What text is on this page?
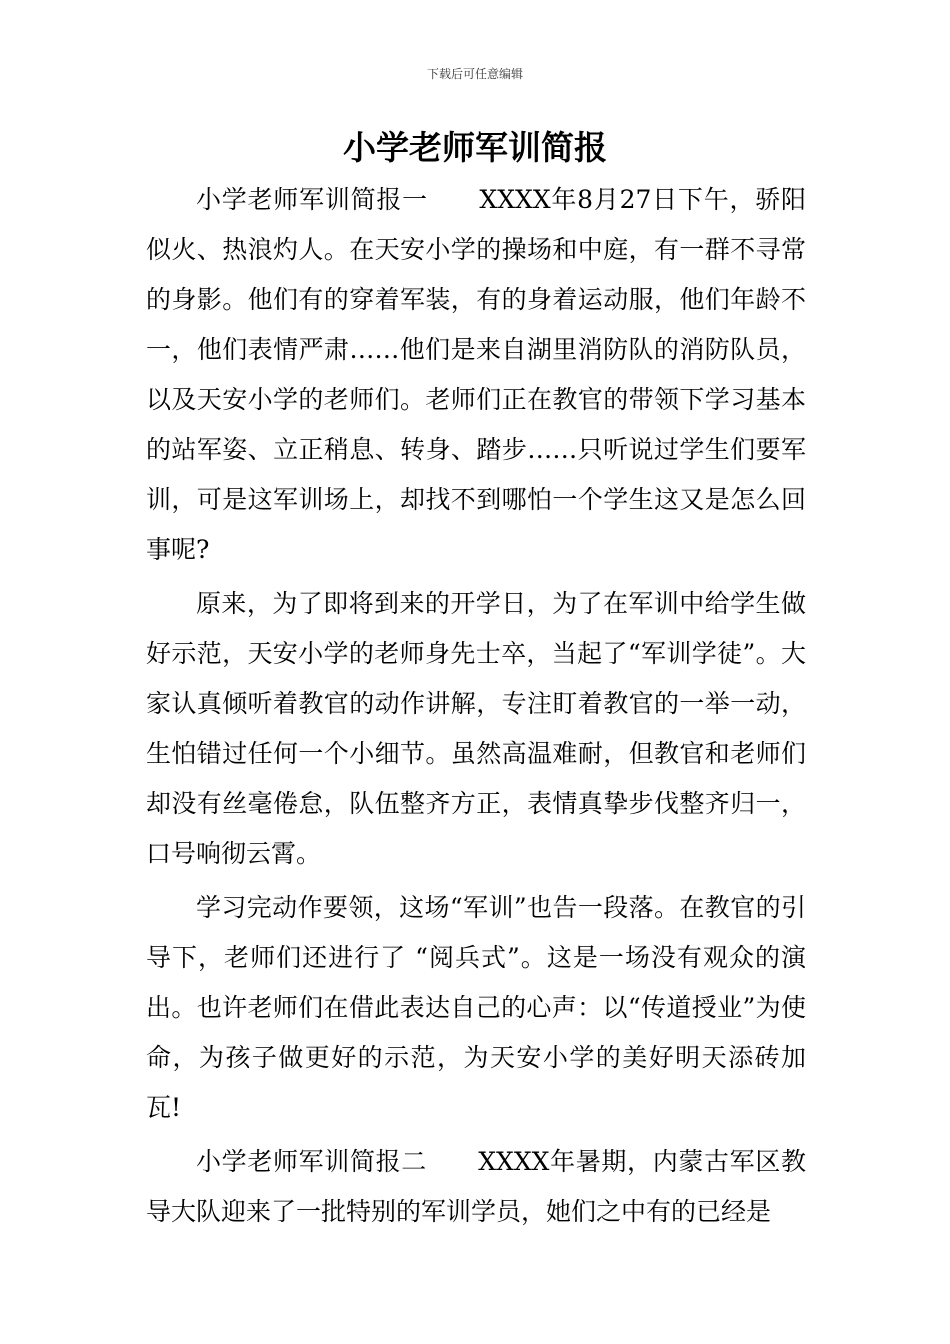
下载后可任意编辑
小学老师军训简报

小学老师军训简报一　　XXXX年8月27日下午，骄阳似火、热浪灼人。在天安小学的操场和中庭，有一群不寻常的身影。他们有的穿着军装，有的身着运动服，他们年龄不一，他们表情严肃……他们是来自湖里消防队的消防队员，以及天安小学的老师们。老师们正在教官的带领下学习基本的站军姿、立正稍息、转身、踏步……只听说过学生们要军训，可是这军训场上，却找不到哪怕一个学生这又是怎么回事呢?

原来，为了即将到来的开学日，为了在军训中给学生做好示范，天安小学的老师身先士卒，当起了“军训学徒”。大家认真倾听着教官的动作讲解，专注盯着教官的一举一动，生怕错过任何一个小细节。虽然高温难耐，但教官和老师们却没有丝毫倦怠，队伍整齐方正，表情真挚步伐整齐归一，口号响彻云霄。

学习完动作要领，这场“军训”也告一段落。在教官的引导下，老师们还进行了 “阅兵式”。这是一场没有观众的演出。也许老师们在借此表达自己的心声：以“传道授业”为使命，为孩子做更好的示范，为天安小学的美好明天添砖加瓦!

小学老师军训简报二　　XXXX年暑期，内蒙古军区教导大队迎来了一批特别的军训学员，她们之中有的已经是
